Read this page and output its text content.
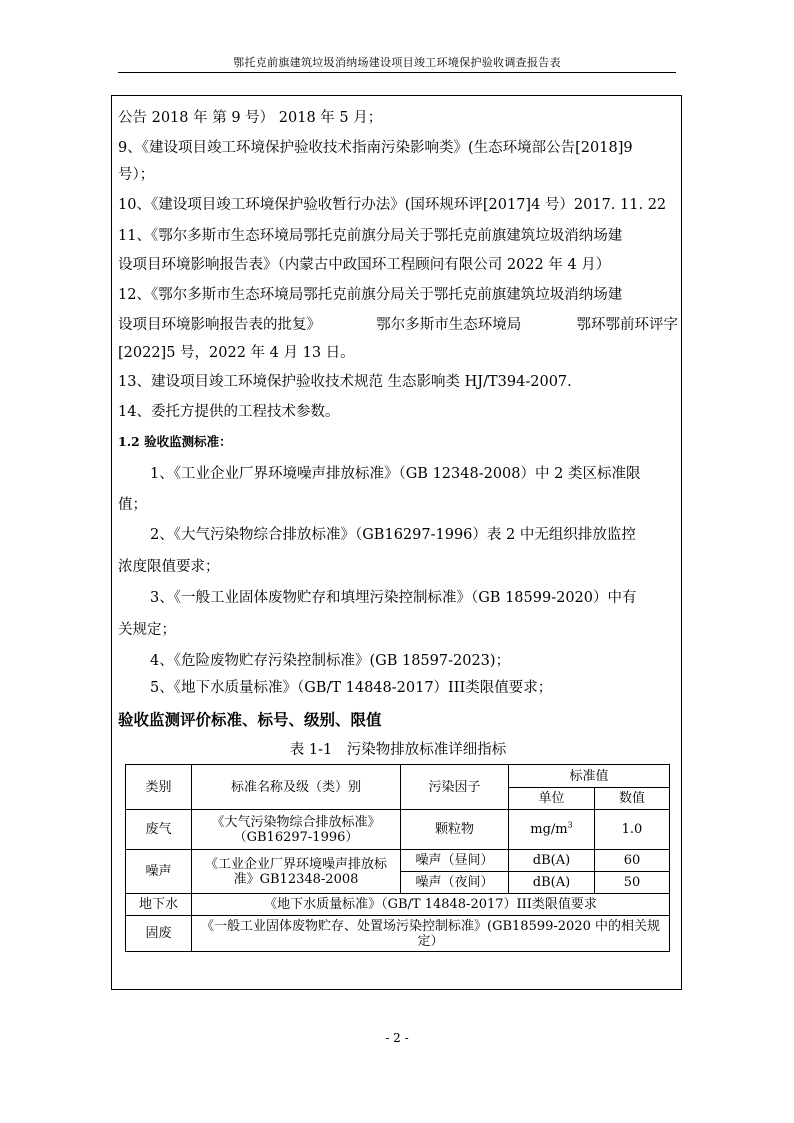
鄂托克前旗建筑垃圾消纳场建设项目竣工环境保护验收调查报告表
公告 2018 年 第 9 号） 2018 年 5 月；
9、《建设项目竣工环境保护验收技术指南污染影响类》(生态环境部公告[2018]9
号）；
10、《建设项目竣工环境保护验收暂行办法》(国环规环评[2017]4 号）2017. 11. 22
11、《鄂尔多斯市生态环境局鄂托克前旗分局关于鄂托克前旗建筑垃圾消纳场建
设项目环境影响报告表》（内蒙古中政国环工程顾问有限公司 2022 年 4 月）
12、《鄂尔多斯市生态环境局鄂托克前旗分局关于鄂托克前旗建筑垃圾消纳场建
设项目环境影响报告表的批复》	鄂尔多斯市生态环境局	鄂环鄂前环评字
[2022]5 号，2022 年 4 月 13 日。
13、建设项目竣工环境保护验收技术规范 生态影响类 HJ/T394-2007.
14、委托方提供的工程技术参数。
1.2 验收监测标准：
1、《工业企业厂界环境噪声排放标准》（GB 12348-2008）中 2 类区标准限
值；
2、《大气污染物综合排放标准》（GB16297-1996）表 2 中无组织排放监控
浓度限值要求；
3、《一般工业固体废物贮存和填埋污染控制标准》（GB 18599-2020）中有
关规定；
4、《危险废物贮存污染控制标准》(GB 18597-2023)；
5、《地下水质量标准》（GB/T 14848-2017）III类限值要求；
验收监测评价标准、标号、级别、限值
表 1-1　污染物排放标准详细指标
类别	标准名称及级（类）别	污染因子	标准值	
			单位	数值
废气	《大气污染物综合排放标准》
（GB16297-1996）	颗粒物	$mg/m^3$	1.0
噪声	《工业企业厂界环境噪声排放标
准》GB12348-2008	噪声（昼间）	dB(A)	60
		噪声（夜间）	dB(A)	50
地下水	《地下水质量标准》（GB/T 14848-2017）III类限值要求			
固废	《一般工业固体废物贮存、处置场污染控制标准》(GB18599-2020 中的相关规
定）			
- 2 -
